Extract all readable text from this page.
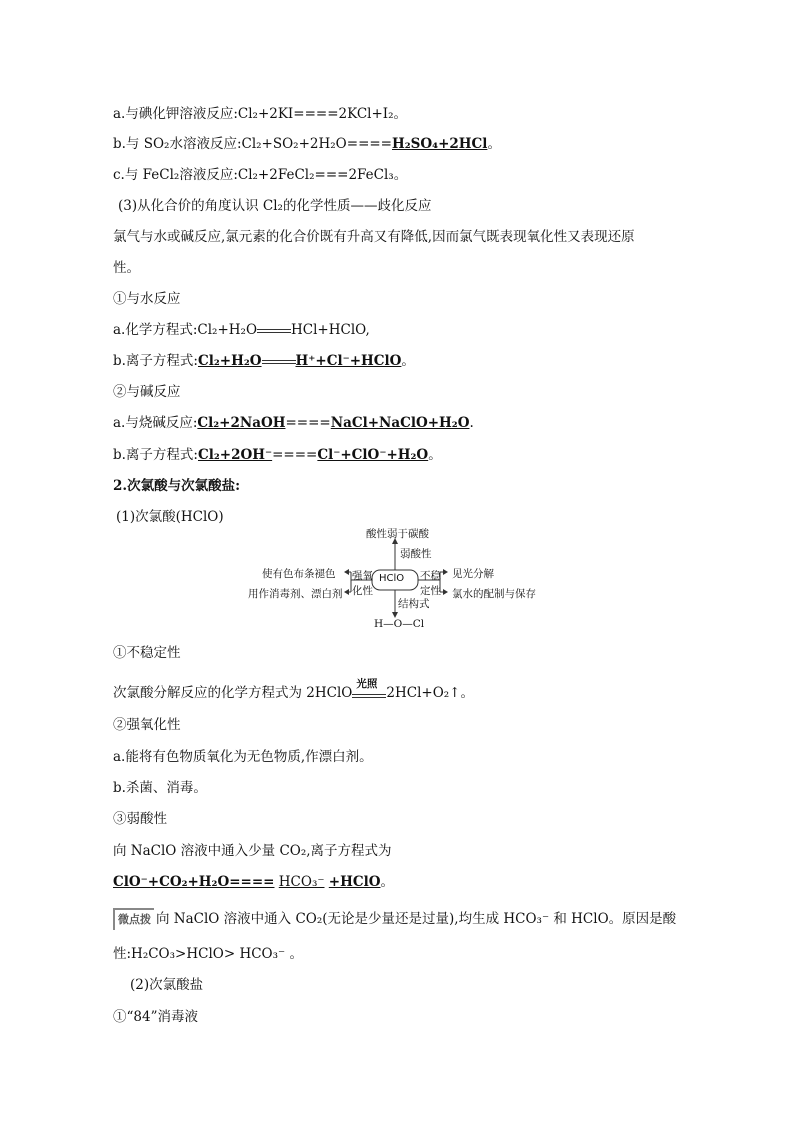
a.与碘化钾溶液反应:Cl₂+2KI====2KCl+I₂。
b.与 SO₂水溶液反应:Cl₂+SO₂+2H₂O====H₂SO₄+2HCl。
c.与 FeCl₂溶液反应:Cl₂+2FeCl₂===2FeCl₃。
(3)从化合价的角度认识 Cl₂的化学性质——歧化反应
氯气与水或碱反应,氯元素的化合价既有升高又有降低,因而氯气既表现氧化性又表现还原
性。
①与水反应
a.化学方程式:Cl₂+H₂O	HCl+HClO,
b.离子方程式:Cl₂+H₂O	H⁺+Cl⁻+HClO。
②与碱反应
a.与烧碱反应:Cl₂+2NaOH====NaCl+NaClO+H₂O.
b.离子方程式:Cl₂+2OH⁻====Cl⁻+ClO⁻+H₂O。
2.次氯酸与次氯酸盐:
(1)次氯酸(HClO)
HClO
酸性弱于碳酸
弱酸性
强氧
化性
使有色布条褪色
用作消毒剂、漂白剂
不稳
定性
见光分解
氯水的配制与保存
结构式
H—O—Cl
①不稳定性
次氯酸分解反应的化学方程式为 2HClO
光照
2HCl+O₂↑。
②强氧化性
a.能将有色物质氧化为无色物质,作漂白剂。
b.杀菌、消毒。
③弱酸性
向 NaClO 溶液中通入少量 CO₂,离子方程式为
ClO⁻+CO₂+H₂O==== HCO₃⁻ +HClO。
微点拨 向 NaClO 溶液中通入 CO₂(无论是少量还是过量),均生成 HCO₃⁻ 和 HClO。原因是酸
性:H₂CO₃>HClO> HCO₃⁻ 。
(2)次氯酸盐
①“84”消毒液
